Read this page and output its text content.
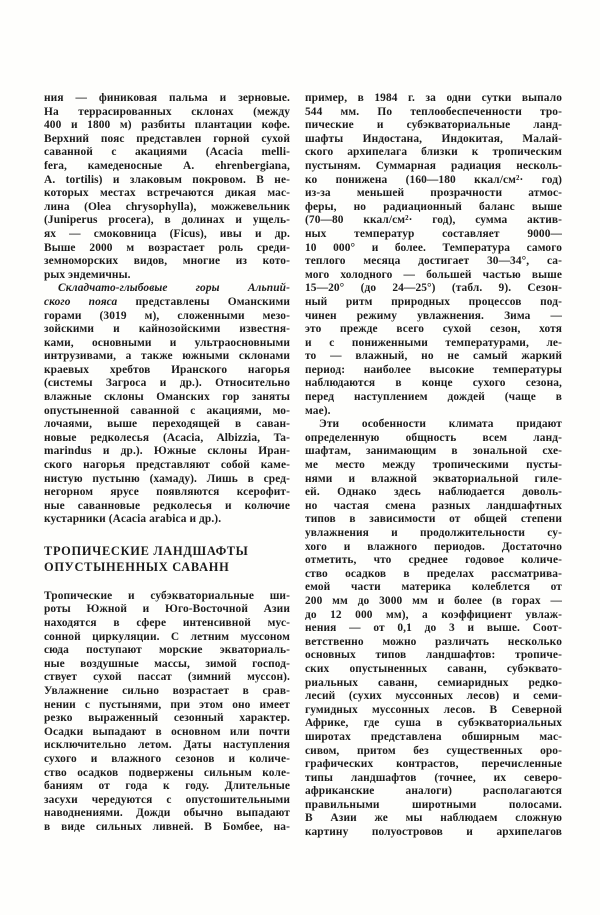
ния — финиковая пальма и зерновые.
На террасированных склонах (между
400 и 1800 м) разбиты плантации кофе.
Верхний пояс представлен горной сухой
саванной с акациями (Acacia melli-
fera, камеденосные A. ehrenbergiana,
A. tortilis) и злаковым покровом. В не-
которых местах встречаются дикая мас-
лина (Olea chrysophylla), можжевельник
(Juniperus procera), в долинах и ущель-
ях — смоковница (Ficus), ивы и др.
Выше 2000 м возрастает роль среди-
земноморских видов, многие из кото-
рых эндемичны.
Складчато-глыбовые горы Альпий-
ского пояса представлены Оманскими
горами (3019 м), сложенными мезо-
зойскими и кайнозойскими известня-
ками, основными и ультраосновными
интрузивами, а также южными склонами
краевых хребтов Иранского нагорья
(системы Загроса и др.). Относительно
влажные склоны Оманских гор заняты
опустыненной саванной с акациями, мо-
лочаями, выше переходящей в саван-
новые редколесья (Acacia, Albizzia, Ta-
marindus и др.). Южные склоны Иран-
ского нагорья представляют собой каме-
нистую пустыню (хамаду). Лишь в сред-
негорном ярусе появляются ксерофит-
ные саванновые редколесья и колючие
кустарники (Acacia arabica и др.).
ТРОПИЧЕСКИЕ ЛАНДШАФТЫ
ОПУСТЫНЕННЫХ САВАНН
Тропические и субэкваториальные ши-
роты Южной и Юго-Восточной Азии
находятся в сфере интенсивной мус-
сонной циркуляции. С летним муссоном
сюда поступают морские экваториаль-
ные воздушные массы, зимой господ-
ствует сухой пассат (зимний муссон).
Увлажнение сильно возрастает в срав-
нении с пустынями, при этом оно имеет
резко выраженный сезонный характер.
Осадки выпадают в основном или почти
исключительно летом. Даты наступления
сухого и влажного сезонов и количе-
ство осадков подвержены сильным коле-
баниям от года к году. Длительные
засухи чередуются с опустошительными
наводнениями. Дожди обычно выпадают
в виде сильных ливней. В Бомбее, на-
пример, в 1984 г. за одни сутки выпало
544 мм. По теплообеспеченности тро-
пические и субэкваториальные ланд-
шафты Индостана, Индокитая, Малай-
ского архипелага близки к тропическим
пустыням. Суммарная радиация несколь-
ко понижена (160—180 ккал/см²· год)
из-за меньшей прозрачности атмос-
феры, но радиационный баланс выше
(70—80 ккал/см²· год), сумма актив-
ных температур составляет 9000—
10 000° и более. Температура самого
теплого месяца достигает 30—34°, са-
мого холодного — большей частью выше
15—20° (до 24—25°) (табл. 9). Сезон-
ный ритм природных процессов под-
чинен режиму увлажнения. Зима —
это прежде всего сухой сезон, хотя
и с пониженными температурами, ле-
то — влажный, но не самый жаркий
период: наиболее высокие температуры
наблюдаются в конце сухого сезона,
перед наступлением дождей (чаще в
мае).
Эти особенности климата придают
определенную общность всем ланд-
шафтам, занимающим в зональной схе-
ме место между тропическими пусты-
нями и влажной экваториальной гиле-
ей. Однако здесь наблюдается доволь-
но частая смена разных ландшафтных
типов в зависимости от общей степени
увлажнения и продолжительности су-
хого и влажного периодов. Достаточно
отметить, что среднее годовое количе-
ство осадков в пределах рассматрива-
емой части материка колеблется от
200 мм до 3000 мм и более (в горах —
до 12 000 мм), а коэффициент увлаж-
нения — от 0,1 до 3 и выше. Соот-
ветственно можно различать несколько
основных типов ландшафтов: тропиче-
ских опустыненных саванн, субэквато-
риальных саванн, семиаридных редко-
лесий (сухих муссонных лесов) и семи-
гумидных муссонных лесов. В Северной
Африке, где суша в субэкваториальных
широтах представлена обширным мас-
сивом, притом без существенных оро-
графических контрастов, перечисленные
типы ландшафтов (точнее, их северо-
африканские аналоги) располагаются
правильными широтными полосами.
В Азии же мы наблюдаем сложную
картину полуостровов и архипелагов
